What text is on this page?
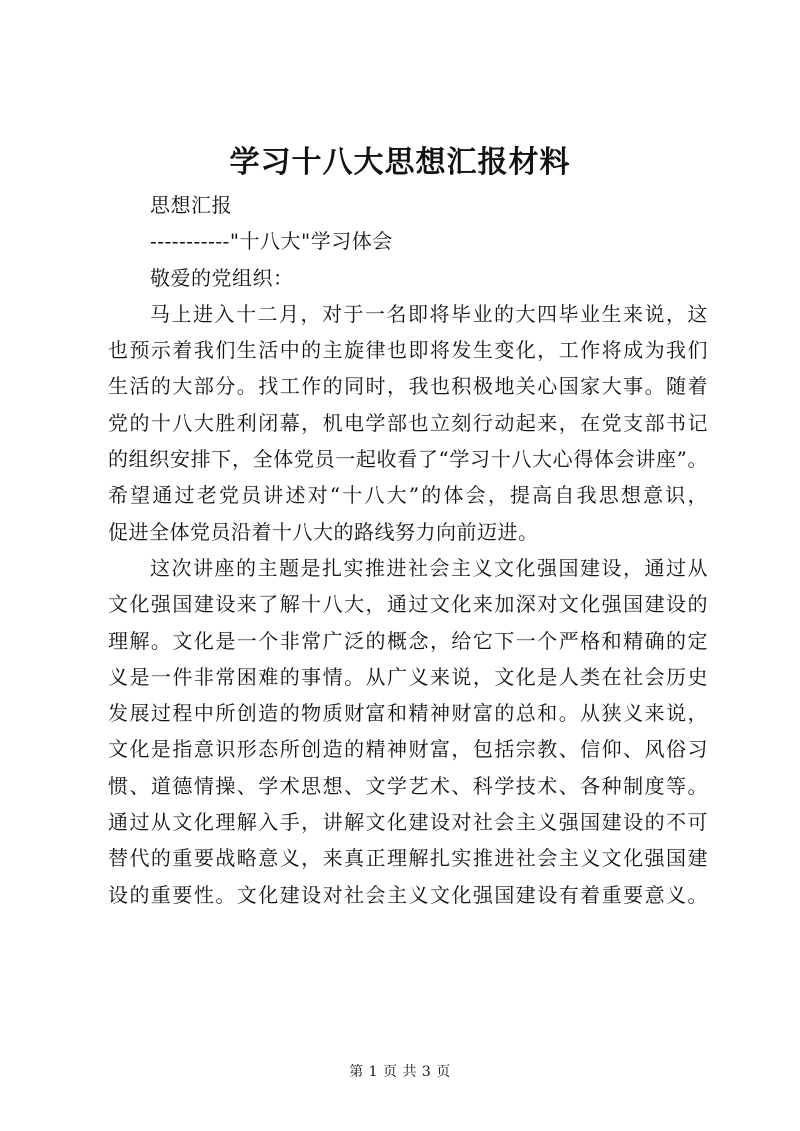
学习十八大思想汇报材料
思想汇报
-----------"十八大"学习体会
敬爱的党组织：
马上进入十二月，对于一名即将毕业的大四毕业生来说，这
也预示着我们生活中的主旋律也即将发生变化，工作将成为我们
生活的大部分。找工作的同时，我也积极地关心国家大事。随着
党的十八大胜利闭幕，机电学部也立刻行动起来，在党支部书记
的组织安排下，全体党员一起收看了“学习十八大心得体会讲座”。
希望通过老党员讲述对“十八大”的体会，提高自我思想意识，
促进全体党员沿着十八大的路线努力向前迈进。
这次讲座的主题是扎实推进社会主义文化强国建设，通过从
文化强国建设来了解十八大，通过文化来加深对文化强国建设的
理解。文化是一个非常广泛的概念，给它下一个严格和精确的定
义是一件非常困难的事情。从广义来说，文化是人类在社会历史
发展过程中所创造的物质财富和精神财富的总和。从狭义来说，
文化是指意识形态所创造的精神财富，包括宗教、信仰、风俗习
惯、道德情操、学术思想、文学艺术、科学技术、各种制度等。
通过从文化理解入手，讲解文化建设对社会主义强国建设的不可
替代的重要战略意义，来真正理解扎实推进社会主义文化强国建
设的重要性。文化建设对社会主义文化强国建设有着重要意义。
第 1 页 共 3 页
